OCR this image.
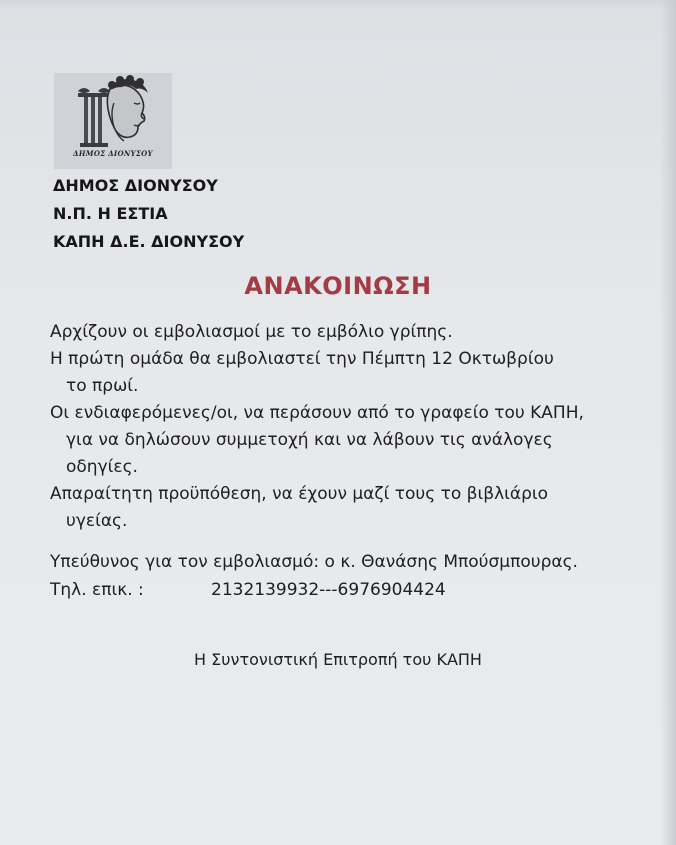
ΔΗΜΟΣ ΔΙΟΝΥΣΟΥ
ΔΗΜΟΣ ΔΙΟΝΥΣΟΥ
Ν.Π. Η ΕΣΤΙΑ
ΚΑΠΗ Δ.Ε. ΔΙΟΝΥΣΟΥ
ΑΝΑΚΟΙΝΩΣΗ
Αρχίζουν οι εμβολιασμοί με το εμβόλιο γρίπης.
Η πρώτη ομάδα θα εμβολιαστεί την Πέμπτη 12 Οκτωβρίου
το πρωί.
Οι ενδιαφερόμενες/οι, να περάσουν από το γραφείο του ΚΑΠΗ,
για να δηλώσουν συμμετοχή και να λάβουν τις ανάλογες
οδηγίες.
Απαραίτητη προϋπόθεση, να έχουν μαζί τους το βιβλιάριο
υγείας.
Υπεύθυνος για τον εμβολιασμό: ο κ. Θανάσης Μπούσμπουρας.
Τηλ. επικ. :	2132139932---6976904424
Η Συντονιστική Επιτροπή του ΚΑΠΗ
